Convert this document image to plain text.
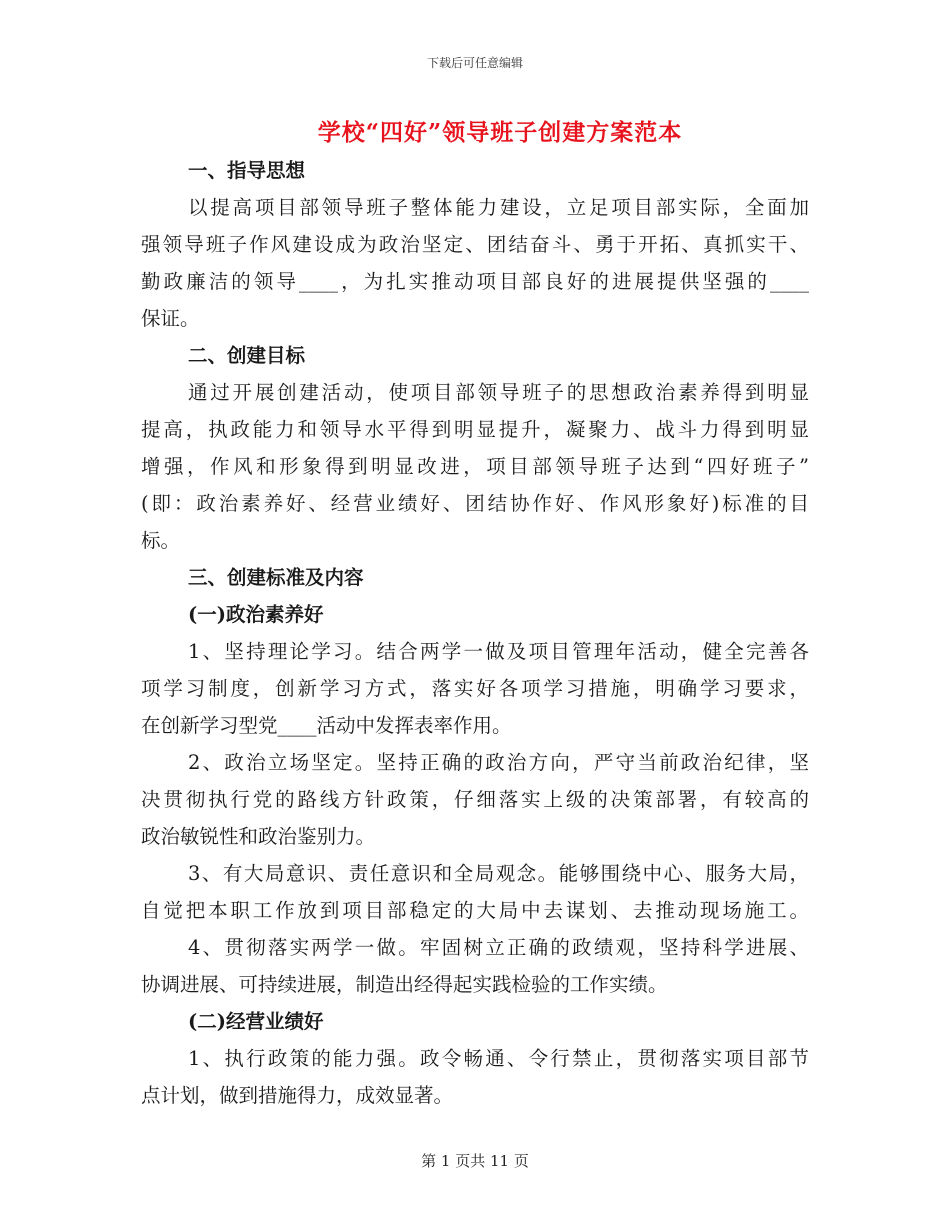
下载后可任意编辑
学校“四好”领导班子创建方案范本
一、指导思想
以提高项目部领导班子整体能力建设，立足项目部实际，全面加
强领导班子作风建设成为政治坚定、团结奋斗、勇于开拓、真抓实干、
勤政廉洁的领导____，为扎实推动项目部良好的进展提供坚强的____
保证。
二、创建目标
通过开展创建活动，使项目部领导班子的思想政治素养得到明显
提高，执政能力和领导水平得到明显提升，凝聚力、战斗力得到明显
增强，作风和形象得到明显改进，项目部领导班子达到“四好班子”
(即：政治素养好、经营业绩好、团结协作好、作风形象好)标准的目
标。
三、创建标准及内容
(一)政治素养好
1、坚持理论学习。结合两学一做及项目管理年活动，健全完善各
项学习制度，创新学习方式，落实好各项学习措施，明确学习要求，
在创新学习型党____活动中发挥表率作用。
2、政治立场坚定。坚持正确的政治方向，严守当前政治纪律，坚
决贯彻执行党的路线方针政策，仔细落实上级的决策部署，有较高的
政治敏锐性和政治鉴别力。
3、有大局意识、责任意识和全局观念。能够围绕中心、服务大局，
自觉把本职工作放到项目部稳定的大局中去谋划、去推动现场施工。
4、贯彻落实两学一做。牢固树立正确的政绩观，坚持科学进展、
协调进展、可持续进展，制造出经得起实践检验的工作实绩。
(二)经营业绩好
1、执行政策的能力强。政令畅通、令行禁止，贯彻落实项目部节
点计划，做到措施得力，成效显著。
第 1 页共 11 页
